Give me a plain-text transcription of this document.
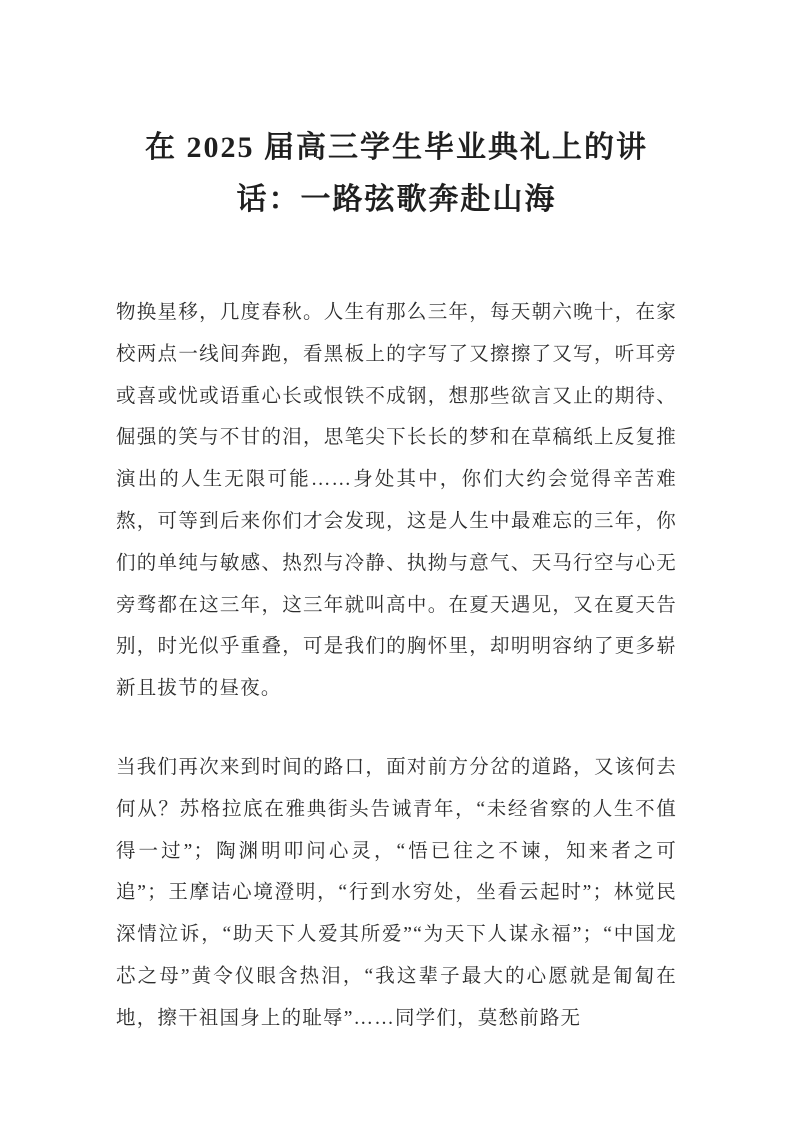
在 2025 届高三学生毕业典礼上的讲话：一路弦歌奔赴山海

物换星移，几度春秋。人生有那么三年，每天朝六晚十，在家校两点一线间奔跑，看黑板上的字写了又擦擦了又写，听耳旁或喜或忧或语重心长或恨铁不成钢，想那些欲言又止的期待、倔强的笑与不甘的泪，思笔尖下长长的梦和在草稿纸上反复推演出的人生无限可能……身处其中，你们大约会觉得辛苦难熬，可等到后来你们才会发现，这是人生中最难忘的三年，你们的单纯与敏感、热烈与冷静、执拗与意气、天马行空与心无旁骛都在这三年，这三年就叫高中。在夏天遇见，又在夏天告别，时光似乎重叠，可是我们的胸怀里，却明明容纳了更多崭新且拔节的昼夜。

当我们再次来到时间的路口，面对前方分岔的道路，又该何去何从？苏格拉底在雅典街头告诫青年，“未经省察的人生不值得一过”；陶渊明叩问心灵，“悟已往之不谏，知来者之可追”；王摩诘心境澄明，“行到水穷处，坐看云起时”；林觉民深情泣诉，“助天下人爱其所爱”“为天下人谋永福”；“中国龙芯之母”黄令仪眼含热泪，“我这辈子最大的心愿就是匍匐在地，擦干祖国身上的耻辱”……同学们，莫愁前路无
